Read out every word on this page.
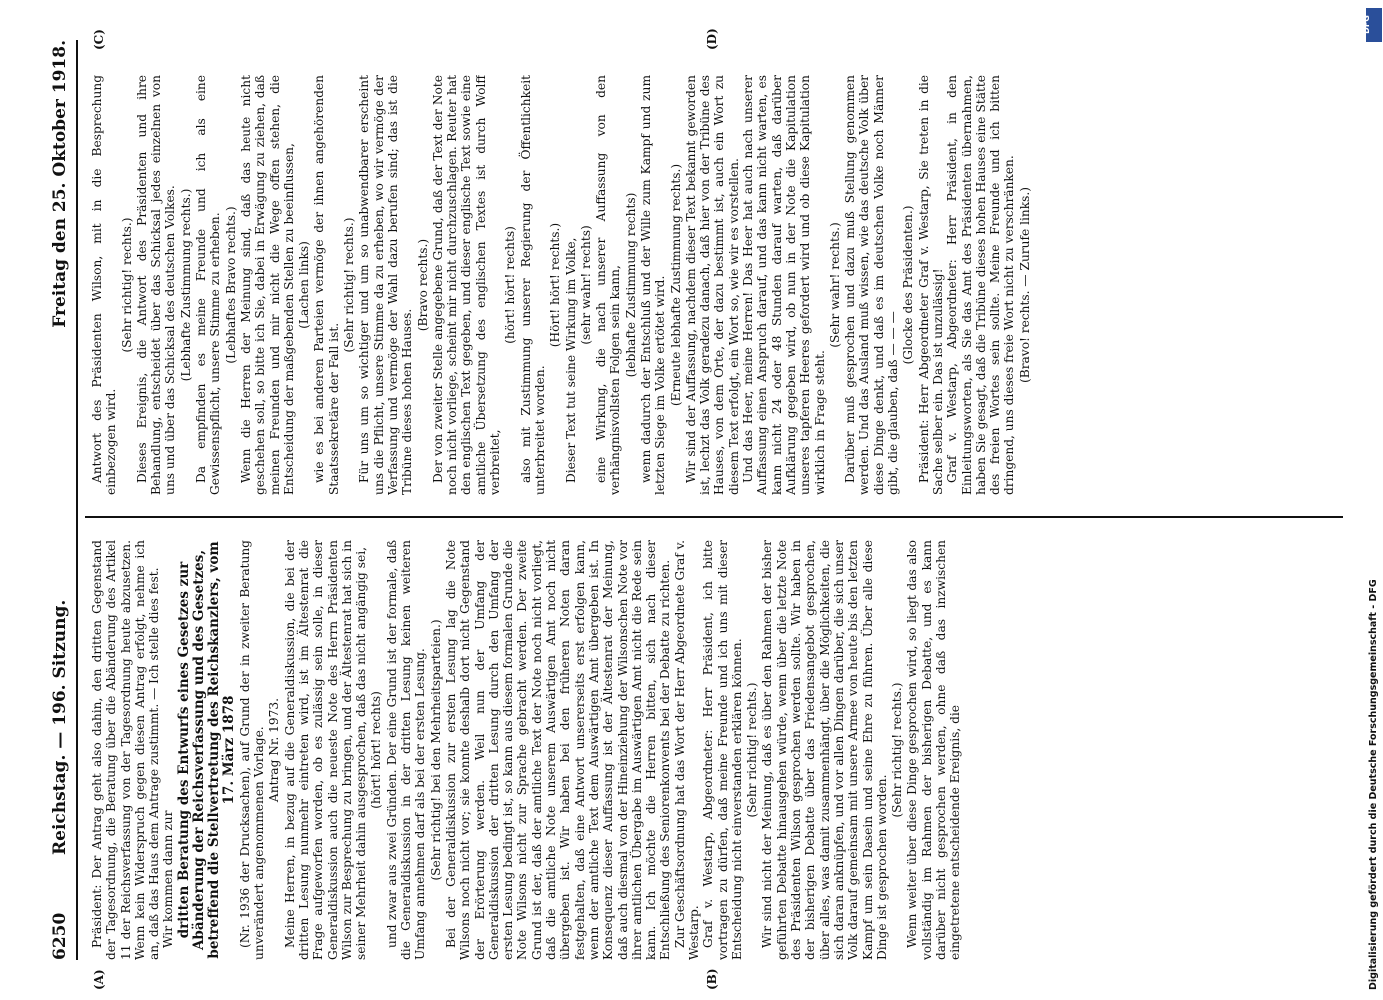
6250
Reichstag. — 196. Sitzung.
Freitag den 25. Oktober 1918.
(A)	(B)
(C)	(D)

Präsident: Der Antrag geht also dahin, den dritten Gegenstand der Tagesordnung, die Beratung über die Abänderung des Artikel 11 der Reichsverfassung von der Tagesordnung heute abzusetzen. Wenn kein Widerspruch gegen diesen Antrag erfolgt, nehme ich an, daß das Haus dem Antrage zustimmt. — Ich stelle dies fest. Wir kommen dann zur dritten Beratung des Entwurfs eines Gesetzes zur Abänderung der Reichsverfassung und des Gesetzes, betreffend die Stellvertretung des Reichskanzlers, vom 17. März 1878 (Nr. 1936 der Drucksachen), auf Grund der in zweiter Beratung unverändert angenommenen Vorlage. Antrag Nr. 1973. Meine Herren, in bezug auf die Generaldiskussion, die bei der dritten Lesung nunmehr eintreten wird, ist im Ältestenrat die Frage aufgeworfen worden, ob es zulässig sein solle, in dieser Generaldiskussion auch die neueste Note des Herrn Präsidenten Wilson zur Besprechung zu bringen, und der Ältestenrat hat sich in seiner Mehrheit dahin ausgesprochen, daß das nicht angängig sei, (hört! hört! rechts) und zwar aus zwei Gründen. Der eine Grund ist der formale, daß die Generaldiskussion in der dritten Lesung keinen weiteren Umfang annehmen darf als bei der ersten Lesung. (Sehr richtig! bei den Mehrheitsparteien.) Bei der Generaldiskussion zur ersten Lesung lag die Note Wilsons noch nicht vor; sie konnte deshalb dort nicht Gegenstand der Erörterung werden. Weil nun der Umfang der Generaldiskussion der dritten Lesung durch den Umfang der ersten Lesung bedingt ist, so kann aus diesem formalen Grunde die Note Wilsons nicht zur Sprache gebracht werden. Der zweite Grund ist der, daß der amtliche Text der Note noch nicht vorliegt, daß die amtliche Note unserem Auswärtigen Amt noch nicht übergeben ist. Wir haben bei den früheren Noten daran festgehalten, daß eine Antwort unsererseits erst erfolgen kann, wenn der amtliche Text dem Auswärtigen Amt übergeben ist. In Konsequenz dieser Auffassung ist der Ältestenrat der Meinung, daß auch diesmal von der Hineinziehung der Wilsonschen Note vor ihrer amtlichen Übergabe im Auswärtigen Amt nicht die Rede sein kann. Ich möchte die Herren bitten, sich nach dieser Entschließung des Seniorenkonvents bei der Debatte zu richten. Zur Geschäftsordnung hat das Wort der Herr Abgeordnete Graf v. Westarp. Graf v. Westarp, Abgeordneter: Herr Präsident, ich bitte vortragen zu dürfen, daß meine Freunde und ich uns mit dieser Entscheidung nicht einverstanden erklären können. (Sehr richtig! rechts.) Wir sind nicht der Meinung, daß es über den Rahmen der bisher geführten Debatte hinausgehen würde, wenn über die letzte Note des Präsidenten Wilson gesprochen werden sollte. Wir haben in der bisherigen Debatte über das Friedensangebot gesprochen, über alles, was damit zusammenhängt, über die Möglichkeiten, die sich daran anknüpfen, und vor allen Dingen darüber, die sich unser Volk darauf gemeinsam mit unsere Armee von heute bis den letzten Kampf um sein Dasein und seine Ehre zu führen. Über alle diese Dinge ist gesprochen worden.

(Sehr richtig! rechts.) Wenn weiter über diese Dinge gesprochen wird, so liegt das also vollständig im Rahmen der bisherigen Debatte, und es kann darüber nicht gesprochen werden, ohne daß das inzwischen eingetretene entscheidende Ereignis, die

Antwort des Präsidenten Wilson, mit in die Besprechung einbezogen wird.

(Sehr richtig! rechts.) Dieses Ereignis, die Antwort des Präsidenten und ihre Behandlung, entscheidet über das Schicksal jedes einzelnen von uns und über das Schicksal des deutschen Volkes. (Lebhafte Zustimmung rechts.) Da empfinden es meine Freunde und ich als eine Gewissenspflicht, unsere Stimme zu erheben. (Lebhaftes Bravo rechts.) Wenn die Herren der Meinung sind, daß das heute nicht geschehen soll, so bitte ich Sie, dabei in Erwägung zu ziehen, daß meinen Freunden und mir nicht die Wege offen stehen, die Entscheidung der maßgebenden Stellen zu beeinflussen, (Lachen links) wie es bei anderen Parteien vermöge der ihnen angehörenden Staatssekretäre der Fall ist.

(Sehr richtig! rechts.) Für uns um so wichtiger und um so unabwendbarer erscheint uns die Pflicht, unsere Stimme da zu erheben, wo wir vermöge der Verfassung und vermöge der Wahl dazu berufen sind; das ist die Tribüne dieses hohen Hauses.

(Bravo rechts.) Der von zweiter Stelle angegebene Grund, daß der Text der Note noch nicht vorliege, scheint mir nicht durchzuschlagen. Reuter hat den englischen Text gegeben, und dieser englische Text sowie eine amtliche Übersetzung des englischen Textes ist durch Wolff verbreitet,

(hört! hört! rechts) also mit Zustimmung unserer Regierung der Öffentlichkeit unterbreitet worden.

(Hört! hört! rechts.) Dieser Text tut seine Wirkung im Volke, (sehr wahr! rechts) eine Wirkung, die nach unserer Auffassung von den verhängnisvollsten Folgen sein kann, (lebhafte Zustimmung rechts) wenn dadurch der Entschluß und der Wille zum Kampf und zum letzten Siege im Volke ertötet wird. (Erneute lebhafte Zustimmung rechts.) Wir sind der Auffassung, nachdem dieser Text bekannt geworden ist, lechzt das Volk geradezu danach, daß hier von der Tribüne des Hauses, von dem Orte, der dazu bestimmt ist, auch ein Wort zu diesem Text erfolgt, ein Wort so, wie wir es vorstellen. Und das Heer, meine Herren! Das Heer hat auch nach unserer Auffassung einen Anspruch darauf, und das kann nicht warten, es kann nicht 24 oder 48 Stunden darauf warten, daß darüber Aufklärung gegeben wird, ob nun in der Note die Kapitulation unseres tapferen Heeres gefordert wird und ob diese Kapitulation wirklich in Frage steht.

(Sehr wahr! rechts.) Darüber muß gesprochen und dazu muß Stellung genommen werden. Und das Ausland muß wissen, wie das deutsche Volk über diese Dinge denkt, und daß es im deutschen Volke noch Männer gibt, die glauben, daß — — —

(Glocke des Präsidenten.) Präsident: Herr Abgeordneter Graf v. Westarp, Sie treten in die Sache selber ein. Das ist unzulässig! Graf v. Westarp, Abgeordneter: Herr Präsident, in den Einleitungsworten, als Sie das Amt des Präsidenten übernahmen, haben Sie gesagt, daß die Tribüne dieses hohen Hauses eine Stätte des freien Wortes sein sollte. Meine Freunde und ich bitten dringend, uns dieses freie Wort nicht zu verschränken. (Bravo! rechts. — Zurufe links.)

DFG
Digitalisierung gefördert durch die Deutsche Forschungsgemeinschaft - DFG
